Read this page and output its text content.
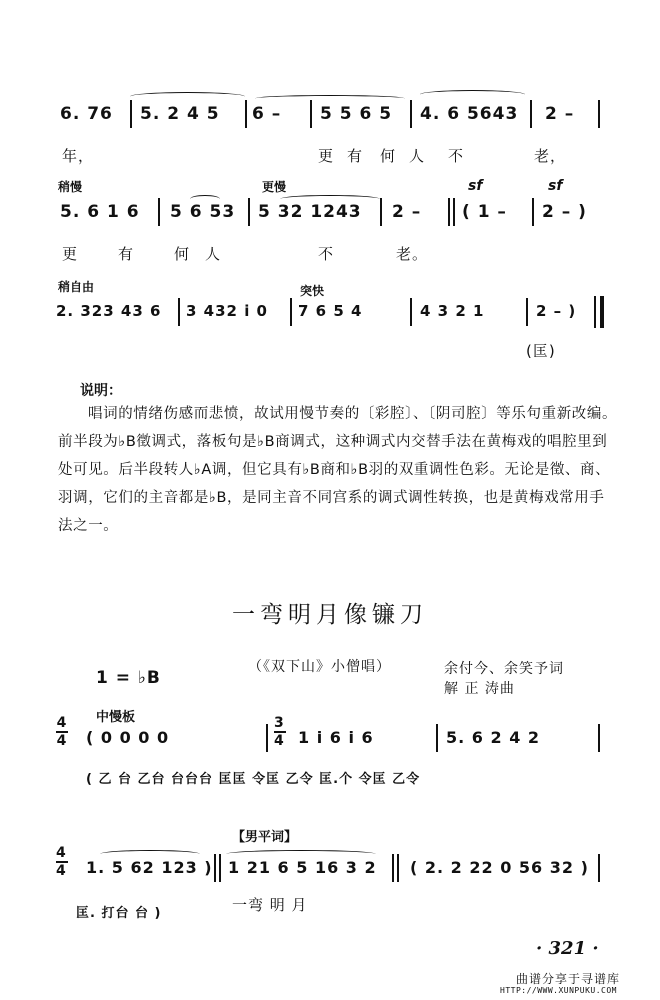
6. 76 5. 2 4 5 6 – 5 5 6 5 4. 6 5643 2 –
年，	更有 何人 不	老，
稍慢	更慢	sf	sf
5. 6 1 6 5 6 53 5 32 1243 2 – ( 1 – 2 – )
更	有	何人	不	老。
稍自由	突快
2. 323 43 6 3 432 i 0 7 6 5 4	4 3 2 1	2 – )
(匡)
说明：
唱词的情绪伤感而悲愤，故试用慢节奏的〔彩腔〕、〔阴司腔〕等乐句重新改编。前半段为♭B徵调式，落板句是♭B商调式，这种调式内交替手法在黄梅戏的唱腔里到处可见。后半段转人♭A调，但它具有♭B商和♭B羽的双重调性色彩。无论是徵、商、羽调，它们的主音都是♭B，是同主音不同宫系的调式调性转换，也是黄梅戏常用手法之一。
一弯明月像镰刀
（《双下山》小僧唱）
1 = ♭B	余付今、余笑予词
解 正 涛曲
中慢板
4
4 ( 0 0 0 0
3
4 1 i 6 i 6	5. 6 2 4 2
( 乙 台 乙台 台台台 匡匡 令匡 乙令 匡.个 令匡 乙令
【男平词】
4
4 1. 5 62 123 ) 1 21 6 5 16 3 2 ( 2. 2 22 0 56 32 )
匡. 打台 台 )	一弯 明 月
· 321 ·
曲谱分享于寻谱库
HTTP://WWW.XUNPUKU.COM
